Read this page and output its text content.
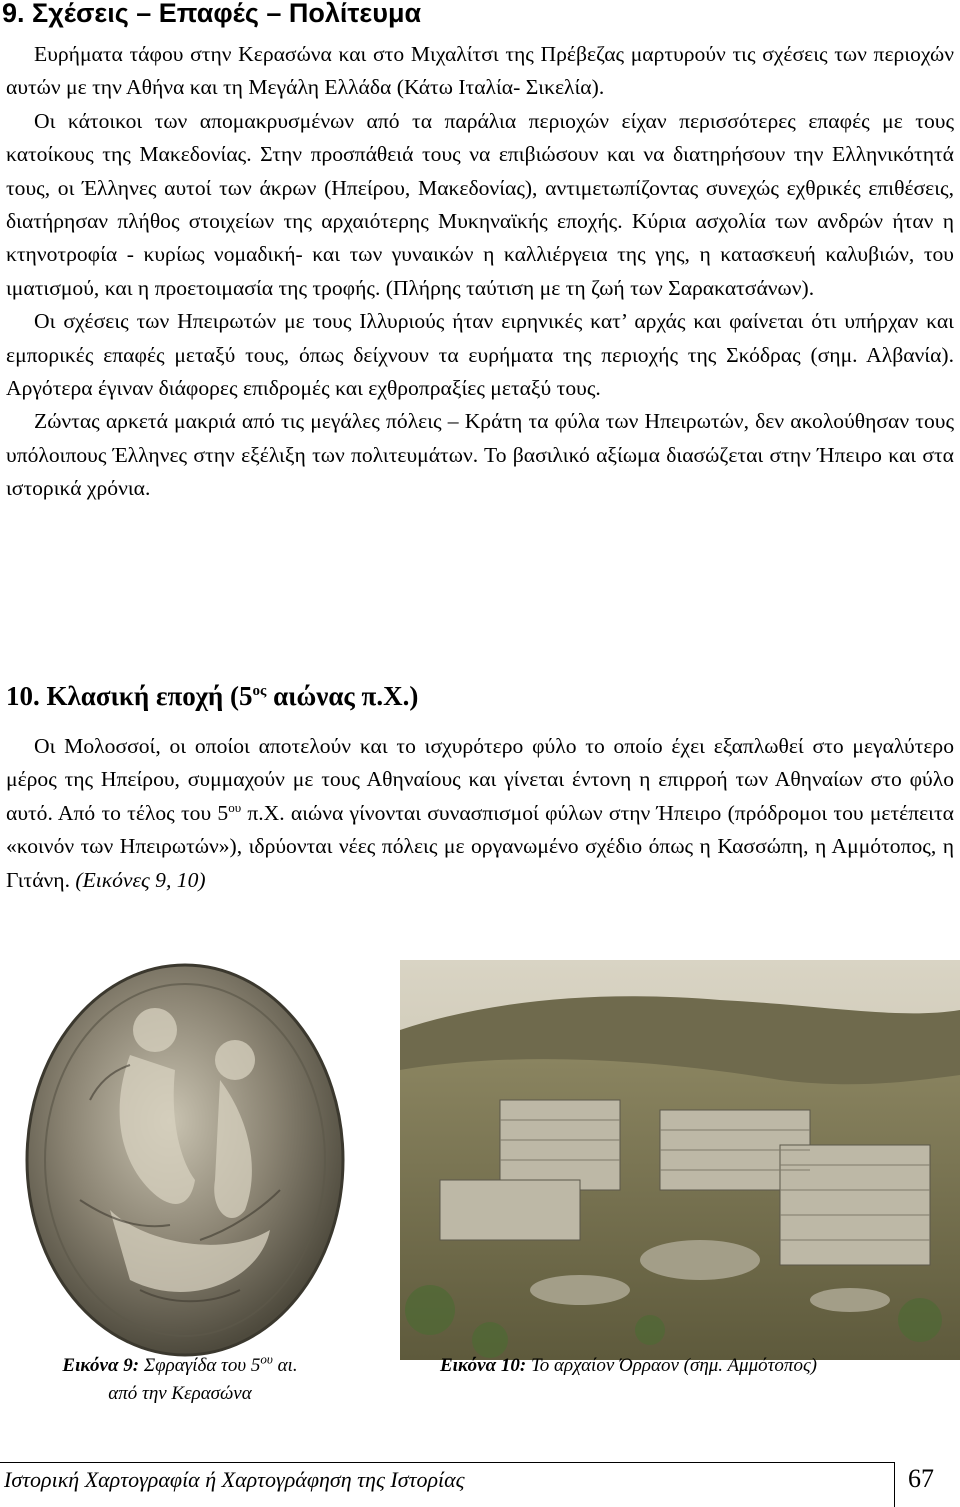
9. Σχέσεις – Επαφές – Πολίτευμα

Ευρήματα τάφου στην Κερασώνα και στο Μιχαλίτσι της Πρέβεζας μαρτυρούν τις σχέσεις των περιοχών αυτών με την Αθήνα και τη Μεγάλη Ελλάδα (Κάτω Ιταλία- Σικελία).

Οι κάτοικοι των απομακρυσμένων από τα παράλια περιοχών είχαν περισσότερες επαφές με τους κατοίκους της Μακεδονίας. Στην προσπάθειά τους να επιβιώσουν και να διατηρήσουν την Ελληνικότητά τους, οι Έλληνες αυτοί των άκρων (Ηπείρου, Μακεδονίας), αντιμετωπίζοντας συνεχώς εχθρικές επιθέσεις, διατήρησαν πλήθος στοιχείων της αρχαιότερης Μυκηναϊκής εποχής. Κύρια ασχολία των ανδρών ήταν η κτηνοτροφία - κυρίως νομαδική- και των γυναικών η καλλιέργεια της γης, η κατασκευή καλυβιών, του ιματισμού, και η προετοιμασία της τροφής. (Πλήρης ταύτιση με τη ζωή των Σαρακατσάνων).

Οι σχέσεις των Ηπειρωτών με τους Ιλλυριούς ήταν ειρηνικές κατ’ αρχάς και φαίνεται ότι υπήρχαν και εμπορικές επαφές μεταξύ τους, όπως δείχνουν τα ευρήματα της περιοχής της Σκόδρας (σημ. Αλβανία). Αργότερα έγιναν διάφορες επιδρομές και εχθροπραξίες μεταξύ τους.

Ζώντας αρκετά μακριά από τις μεγάλες πόλεις – Κράτη τα φύλα των Ηπειρωτών, δεν ακολούθησαν τους υπόλοιπους Έλληνες στην εξέλιξη των πολιτευμάτων. Το βασιλικό αξίωμα διασώζεται στην Ήπειρο και στα ιστορικά χρόνια.

10. Κλασική εποχή ($5^{o\varsigma}$ αιώνας π.Χ.)

Οι Μολοσσοί, οι οποίοι αποτελούν και το ισχυρότερο φύλο το οποίο έχει εξαπλωθεί στο μεγαλύτερο μέρος της Ηπείρου, συμμαχούν με τους Αθηναίους και γίνεται έντονη η επιρροή των Αθηναίων στο φύλο αυτό. Από το τέλος του $5^{o\upsilon}$ π.Χ. αιώνα γίνονται συνασπισμοί φύλων στην Ήπειρο (πρόδρομοι του μετέπειτα «κοινόν των Ηπειρωτών»), ιδρύονται νέες πόλεις με οργανωμένο σχέδιο όπως η Κασσώπη, η Αμμότοπος, η Γιτάνη. (Εικόνες 9, 10)

Εικόνα 9: Σφραγίδα του $5^{o\upsilon}$ αι.
από την Κερασώνα
Εικόνα 10: Το αρχαίον Όρραον (σημ. Αμμότοπος)
Ιστορική Χαρτογραφία ή Χαρτογράφηση της Ιστορίας	67
